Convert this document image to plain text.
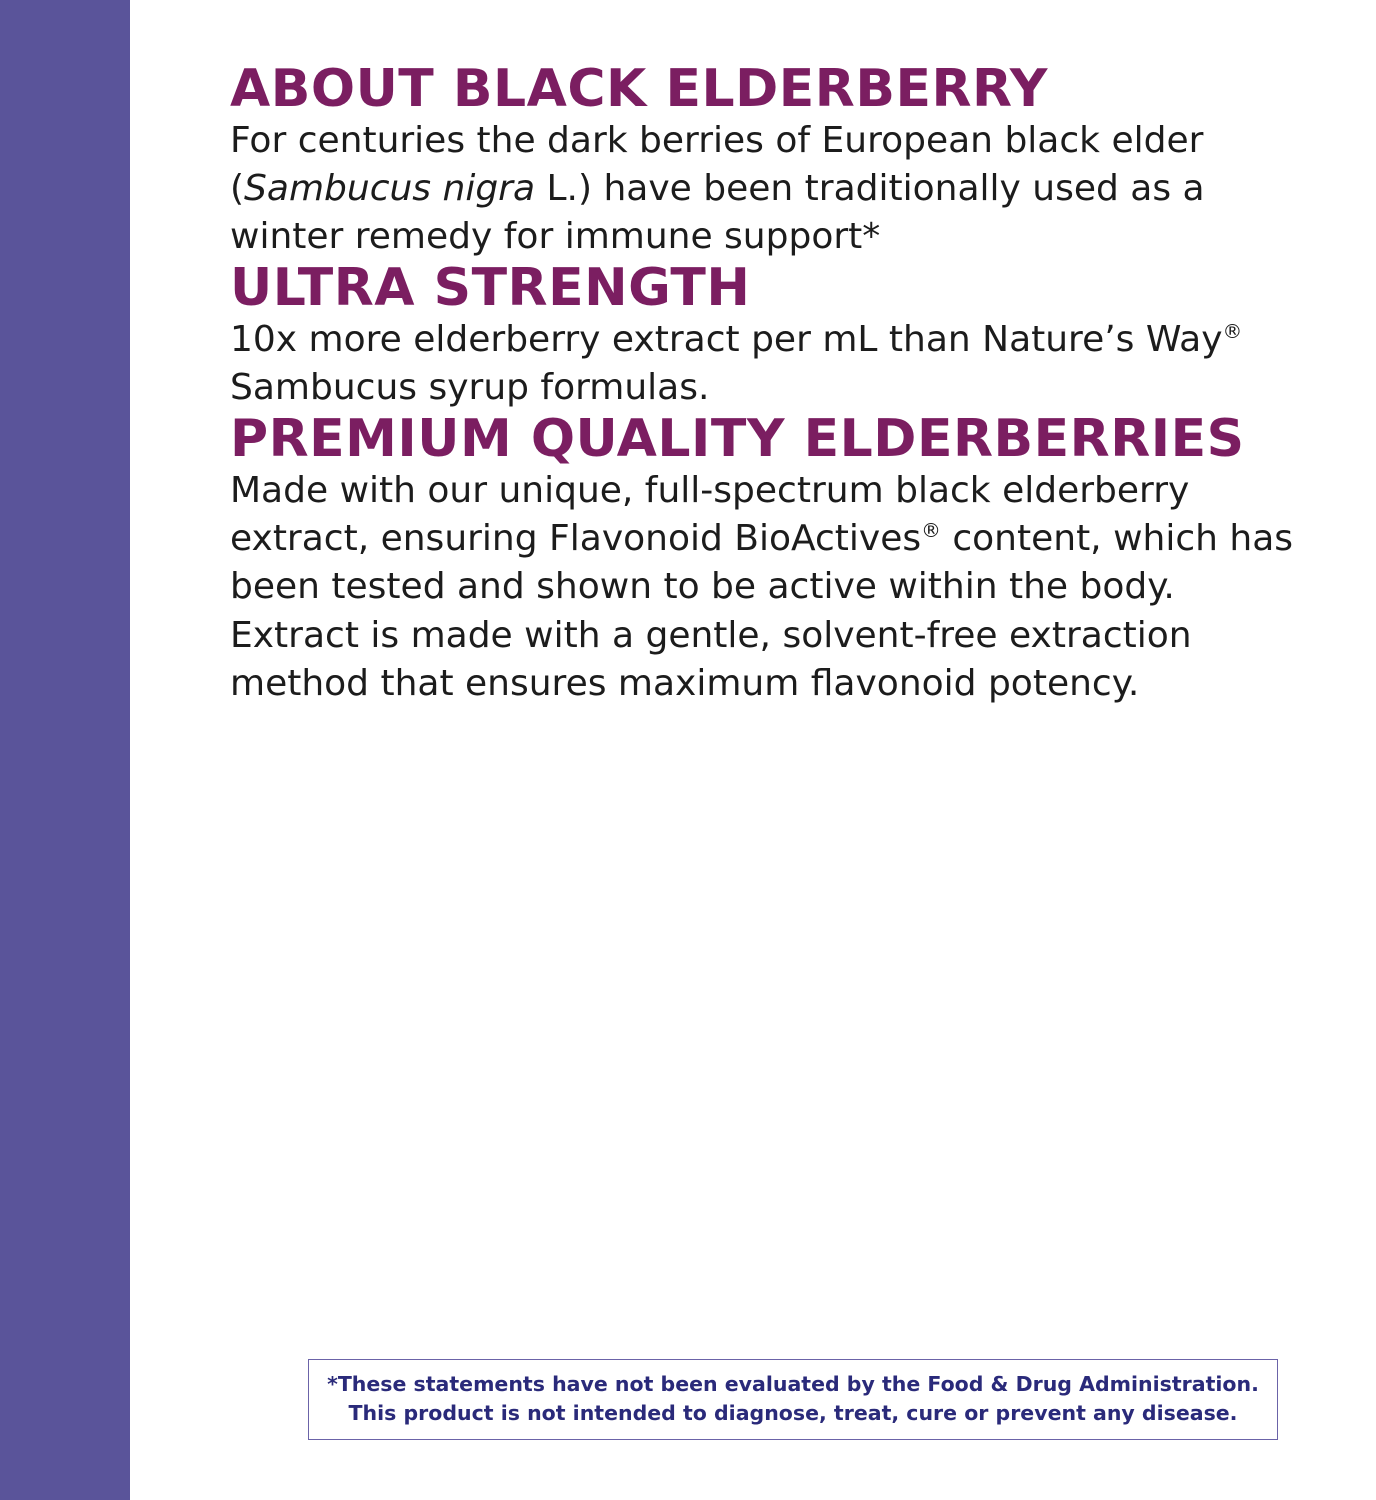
ABOUT BLACK ELDERBERRY

For centuries the dark berries of European black elder (Sambucus nigra L.) have been traditionally used as a winter remedy for immune support*

ULTRA STRENGTH

10x more elderberry extract per mL than Nature’s Way® Sambucus syrup formulas.

PREMIUM QUALITY ELDERBERRIES

Made with our unique, full-spectrum black elderberry extract, ensuring Flavonoid BioActives® content, which has been tested and shown to be active within the body.

Extract is made with a gentle, solvent-free extraction method that ensures maximum flavonoid potency.

*These statements have not been evaluated by the Food & Drug Administration.
This product is not intended to diagnose, treat, cure or prevent any disease.
